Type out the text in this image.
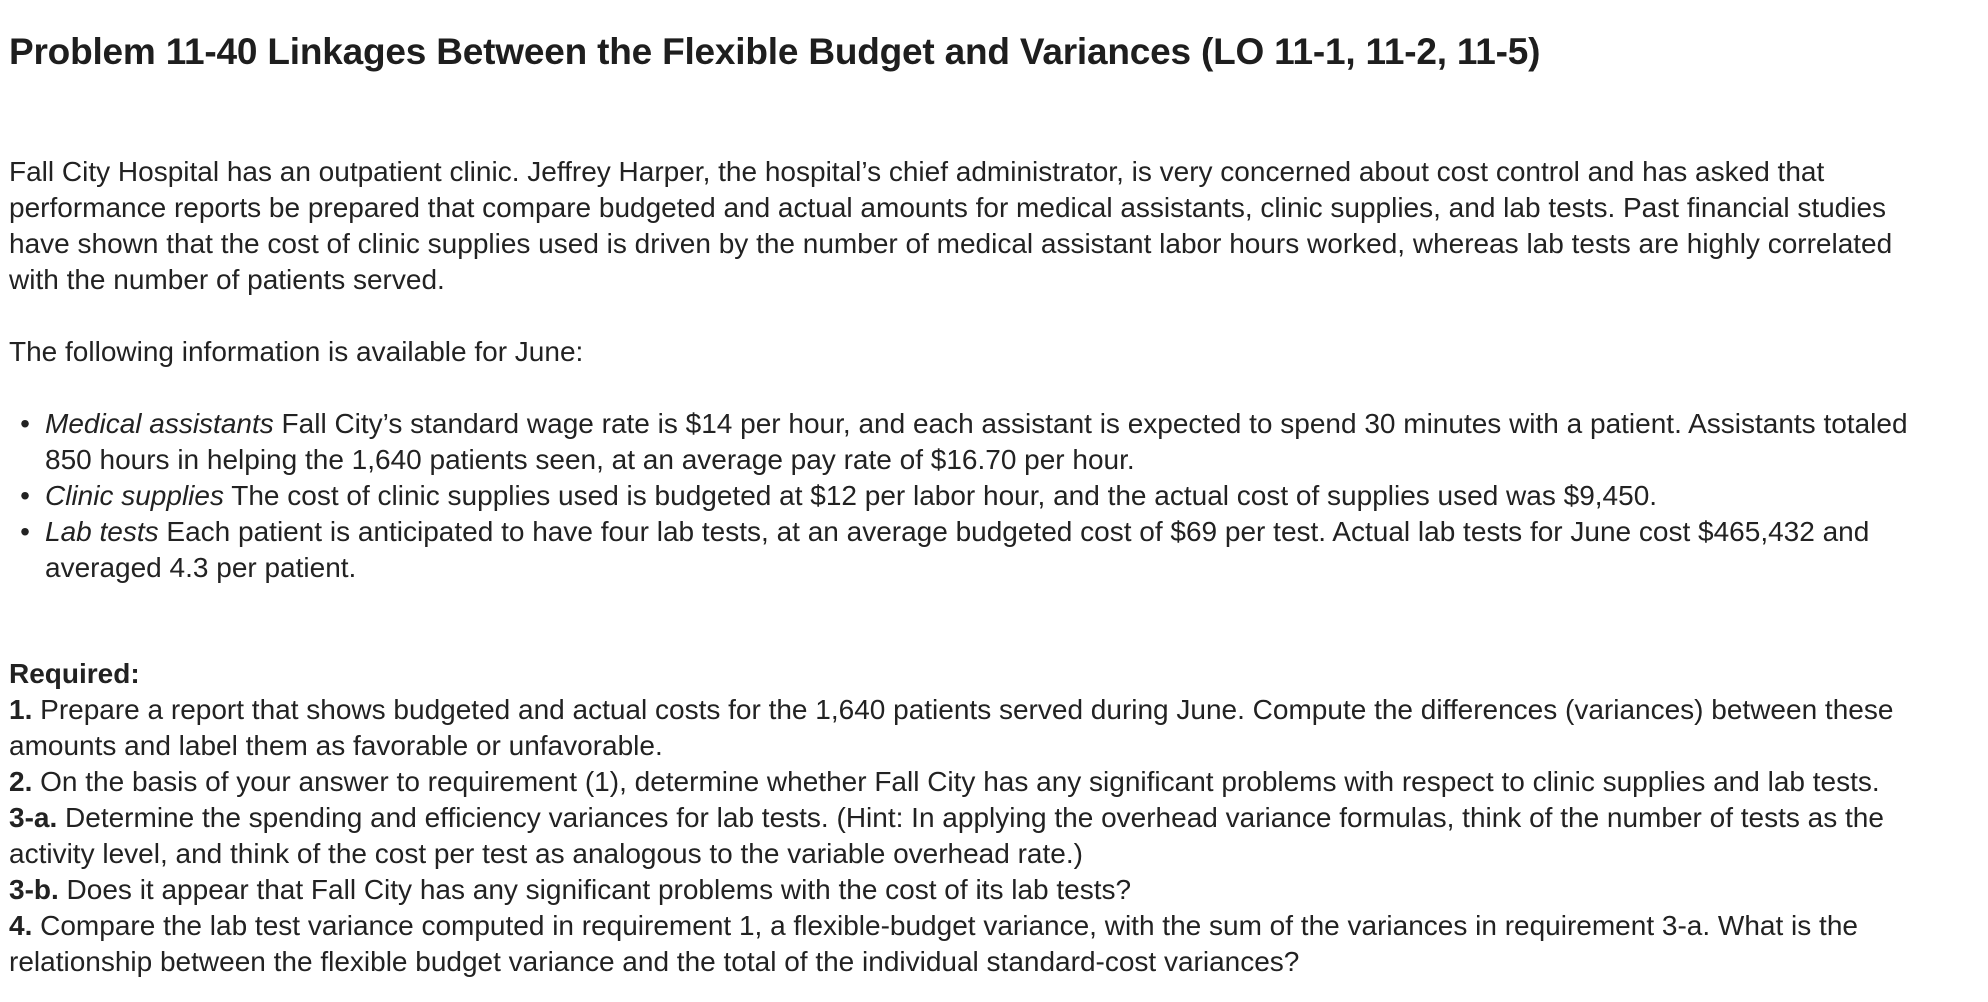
Problem 11-40 Linkages Between the Flexible Budget and Variances (LO 11-1, 11-2, 11-5)

Fall City Hospital has an outpatient clinic. Jeffrey Harper, the hospital’s chief administrator, is very concerned about cost control and has asked that performance reports be prepared that compare budgeted and actual amounts for medical assistants, clinic supplies, and lab tests. Past financial studies have shown that the cost of clinic supplies used is driven by the number of medical assistant labor hours worked, whereas lab tests are highly correlated with the number of patients served.

The following information is available for June:

• Medical assistants Fall City’s standard wage rate is $14 per hour, and each assistant is expected to spend 30 minutes with a patient. Assistants totaled 850 hours in helping the 1,640 patients seen, at an average pay rate of $16.70 per hour.
• Clinic supplies The cost of clinic supplies used is budgeted at $12 per labor hour, and the actual cost of supplies used was $9,450.
• Lab tests Each patient is anticipated to have four lab tests, at an average budgeted cost of $69 per test. Actual lab tests for June cost $465,432 and averaged 4.3 per patient.
Required:
1. Prepare a report that shows budgeted and actual costs for the 1,640 patients served during June. Compute the differences (variances) between these amounts and label them as favorable or unfavorable.
2. On the basis of your answer to requirement (1), determine whether Fall City has any significant problems with respect to clinic supplies and lab tests.
3-a. Determine the spending and efficiency variances for lab tests. (Hint: In applying the overhead variance formulas, think of the number of tests as the activity level, and think of the cost per test as analogous to the variable overhead rate.)
3-b. Does it appear that Fall City has any significant problems with the cost of its lab tests?
4. Compare the lab test variance computed in requirement 1, a flexible-budget variance, with the sum of the variances in requirement 3-a. What is the relationship between the flexible budget variance and the total of the individual standard-cost variances?
